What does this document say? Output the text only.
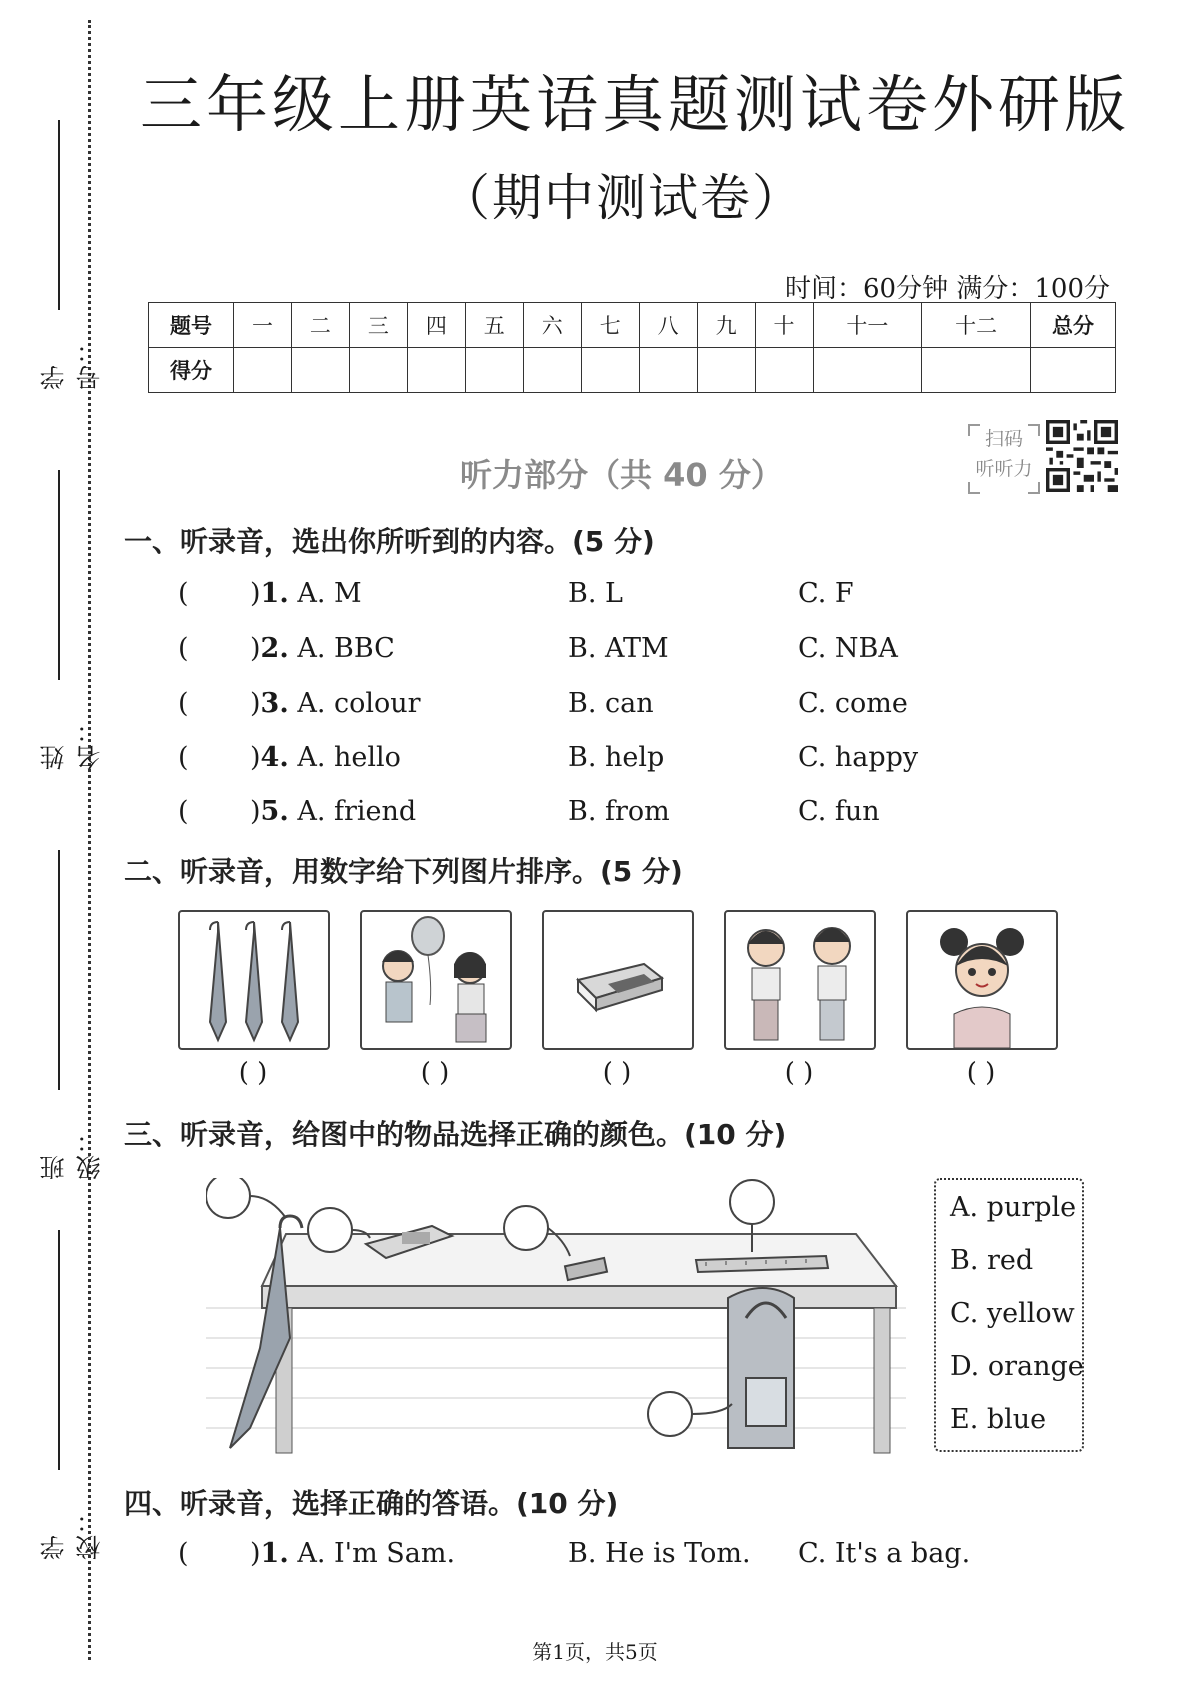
学号：
姓名：
班级：
学校：
三年级上册英语真题测试卷外研版
（期中测试卷）
时间：60分钟 满分：100分
题号	一	二	三	四	五	六	七	八	九	十	十一	十二	总分
得分													
扫码
听听力
听力部分（共 40 分）
一、听录音，选出你所听到的内容。(5 分)
( )1. A. M	B. L	C. F
( )2. A. BBC	B. ATM	C. NBA
( )3. A. colour	B. can	C. come
( )4. A. hello	B. help	C. happy
( )5. A. friend	B. from	C. fun
二、听录音，用数字给下列图片排序。(5 分)
( )	( )	( )	( )	( )
三、听录音，给图中的物品选择正确的颜色。(10 分)
A. purple
B. red
C. yellow
D. orange
E. blue
四、听录音，选择正确的答语。(10 分)
( )1. A. I'm Sam.	B. He is Tom. C. It's a bag.
第1页，共5页
